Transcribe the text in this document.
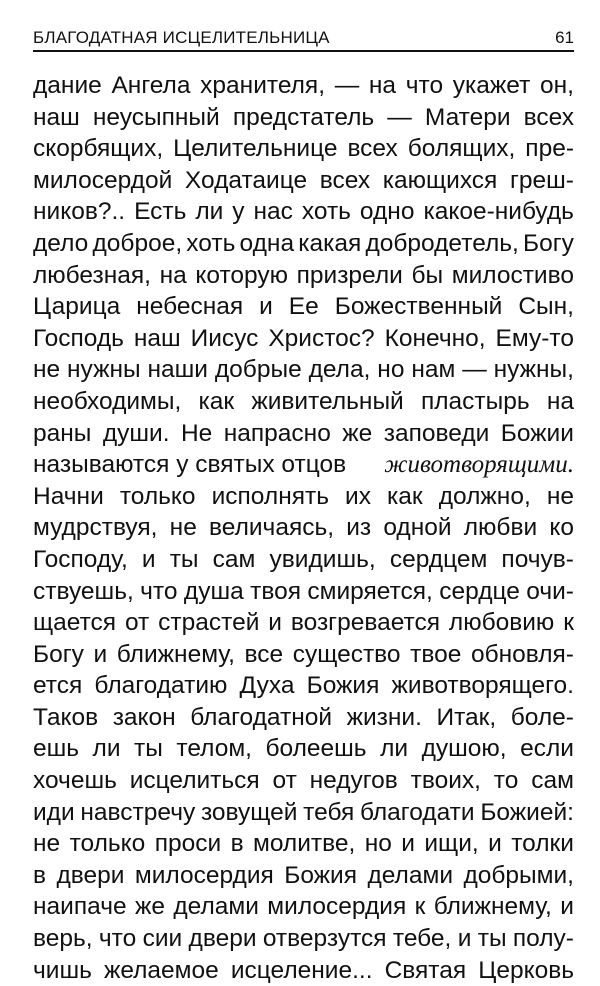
БЛАГОДАТНАЯ ИСЦЕЛИТЕЛЬНИЦА	61
дание Ангела хранителя, — на что укажет он,
наш неусыпный предстатель — Матери всех
скорбящих, Целительнице всех болящих, пре-
милосердой Ходатаице всех кающихся греш-
ников?.. Есть ли у нас хоть одно какое-нибудь
дело доброе, хоть одна какая добродетель, Богу
любезная, на которую призрели бы милостиво
Царица небесная и Ее Божественный Сын,
Господь наш Иисус Христос? Конечно, Ему-то
не нужны наши добрые дела, но нам — нужны,
необходимы, как живительный пластырь на
раны души. Не напрасно же заповеди Божии
называются у святых отцов животворящими.
Начни только исполнять их как должно, не
мудрствуя, не величаясь, из одной любви ко
Господу, и ты сам увидишь, сердцем почув-
ствуешь, что душа твоя смиряется, сердце очи-
щается от страстей и возгревается любовию к
Богу и ближнему, все существо твое обновля-
ется благодатию Духа Божия животворящего.
Таков закон благодатной жизни. Итак, боле-
ешь ли ты телом, болеешь ли душою, если
хочешь исцелиться от недугов твоих, то сам
иди навстречу зовущей тебя благодати Божией:
не только проси в молитве, но и ищи, и толки
в двери милосердия Божия делами добрыми,
наипаче же делами милосердия к ближнему, и
верь, что сии двери отверзутся тебе, и ты полу-
чишь желаемое исцеление... Святая Церковь
